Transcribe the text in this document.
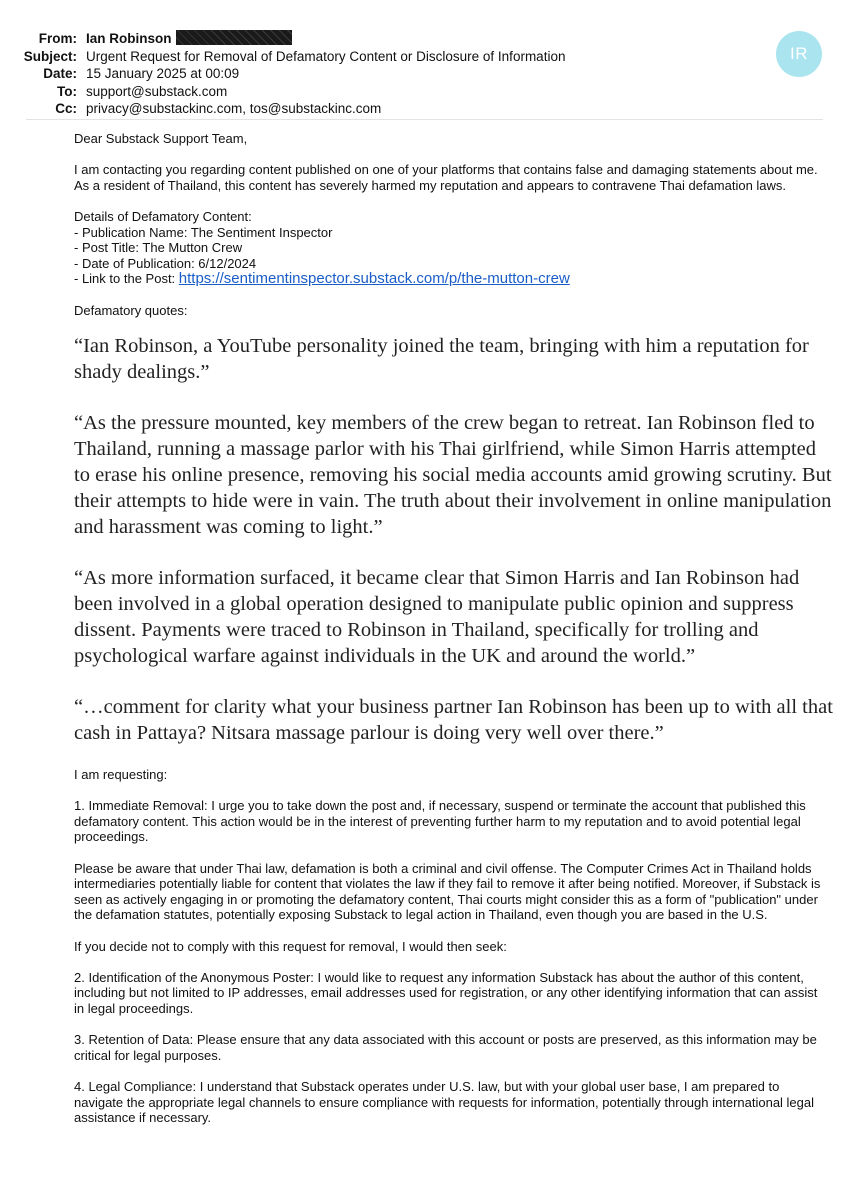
From: Ian Robinson
Subject: Urgent Request for Removal of Defamatory Content or Disclosure of Information
Date: 15 January 2025 at 00:09
To: support@substack.com
Cc: privacy@substackinc.com, tos@substackinc.com
IR

Dear Substack Support Team,

I am contacting you regarding content published on one of your platforms that contains false and damaging statements about me. As a resident of Thailand, this content has severely harmed my reputation and appears to contravene Thai defamation laws.

Details of Defamatory Content:
- Publication Name: The Sentiment Inspector
- Post Title: The Mutton Crew
- Date of Publication: 6/12/2024
- Link to the Post: https://sentimentinspector.substack.com/p/the-mutton-crew

Defamatory quotes:

“Ian Robinson, a YouTube personality joined the team, bringing with him a reputation for shady dealings.”
“As the pressure mounted, key members of the crew began to retreat. Ian Robinson fled to Thailand, running a massage parlor with his Thai girlfriend, while Simon Harris attempted to erase his online presence, removing his social media accounts amid growing scrutiny. But their attempts to hide were in vain. The truth about their involvement in online manipulation and harassment was coming to light.”
“As more information surfaced, it became clear that Simon Harris and Ian Robinson had been involved in a global operation designed to manipulate public opinion and suppress dissent. Payments were traced to Robinson in Thailand, specifically for trolling and psychological warfare against individuals in the UK and around the world.”
“…comment for clarity what your business partner Ian Robinson has been up to with all that cash in Pattaya? Nitsara massage parlour is doing very well over there.”

I am requesting:

1. Immediate Removal: I urge you to take down the post and, if necessary, suspend or terminate the account that published this defamatory content. This action would be in the interest of preventing further harm to my reputation and to avoid potential legal proceedings.

Please be aware that under Thai law, defamation is both a criminal and civil offense. The Computer Crimes Act in Thailand holds intermediaries potentially liable for content that violates the law if they fail to remove it after being notified. Moreover, if Substack is seen as actively engaging in or promoting the defamatory content, Thai courts might consider this as a form of "publication" under the defamation statutes, potentially exposing Substack to legal action in Thailand, even though you are based in the U.S.

If you decide not to comply with this request for removal, I would then seek:

2. Identification of the Anonymous Poster: I would like to request any information Substack has about the author of this content, including but not limited to IP addresses, email addresses used for registration, or any other identifying information that can assist in legal proceedings.

3. Retention of Data: Please ensure that any data associated with this account or posts are preserved, as this information may be critical for legal purposes.

4. Legal Compliance: I understand that Substack operates under U.S. law, but with your global user base, I am prepared to navigate the appropriate legal channels to ensure compliance with requests for information, potentially through international legal assistance if necessary.
